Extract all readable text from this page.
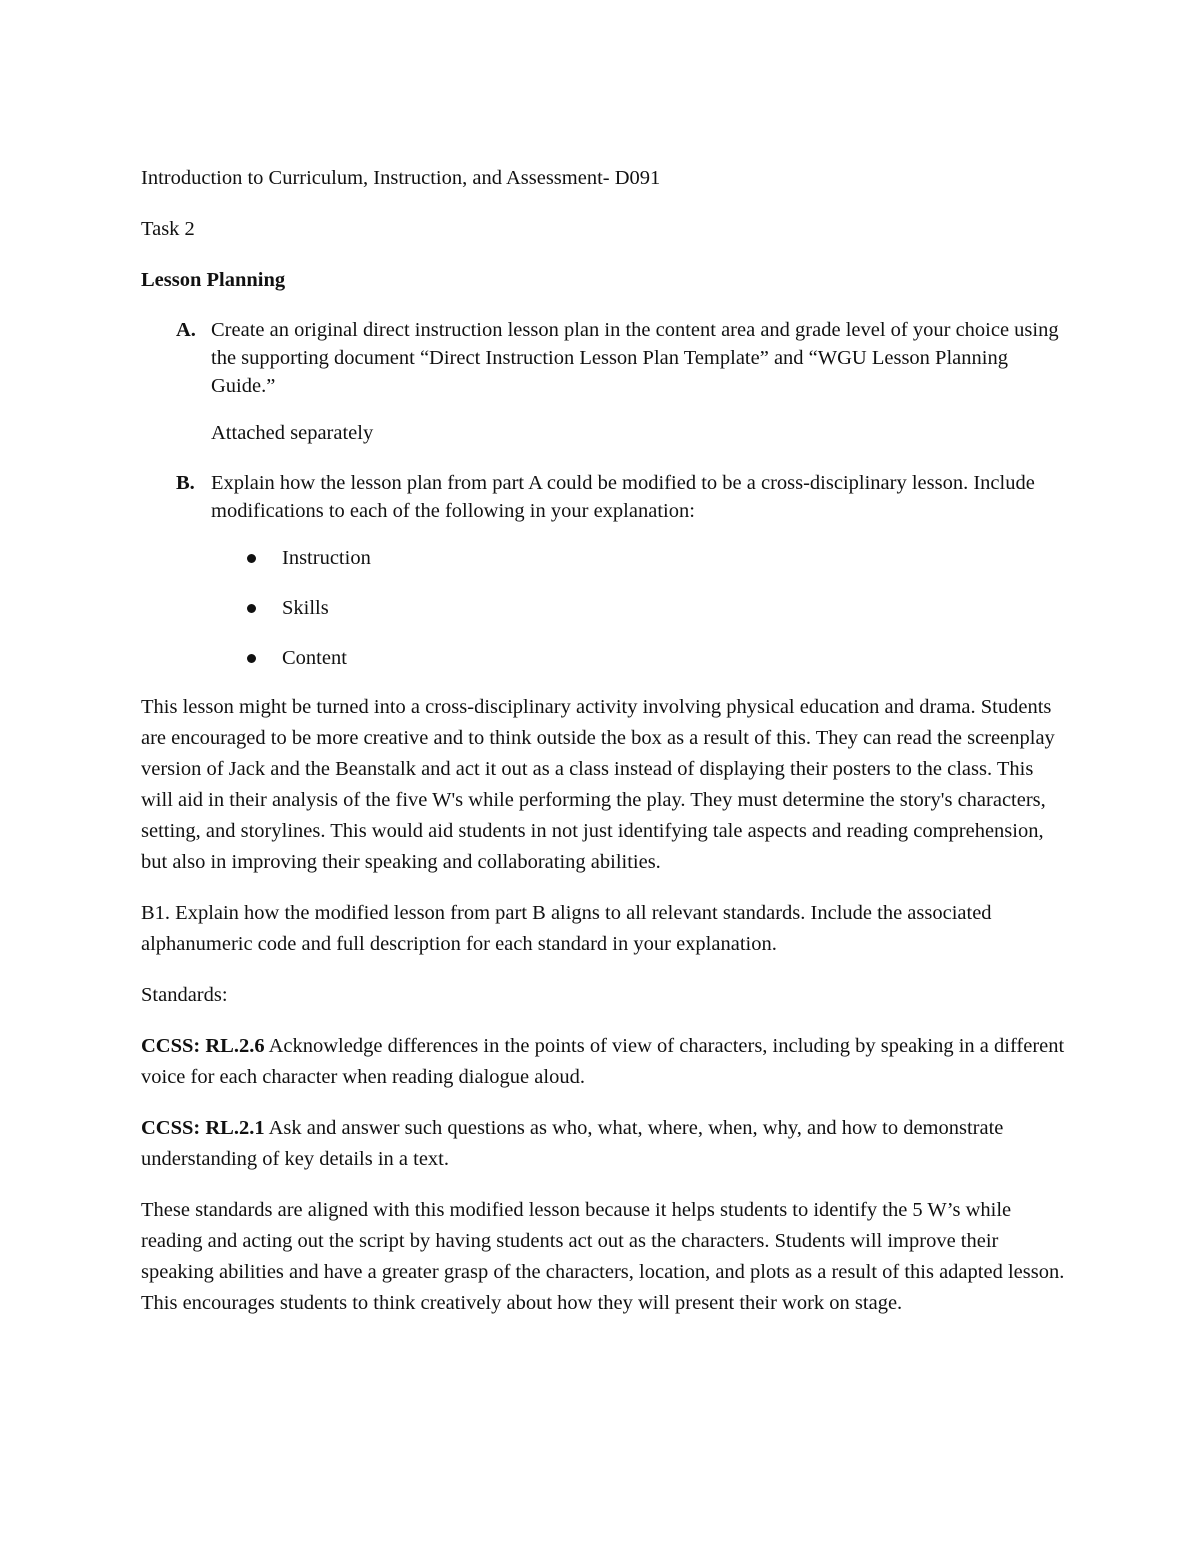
Introduction to Curriculum, Instruction, and Assessment- D091

Task 2

Lesson Planning

A. Create an original direct instruction lesson plan in the content area and grade level of your choice using the supporting document “Direct Instruction Lesson Plan Template” and “WGU Lesson Planning Guide.”

Attached separately

B. Explain how the lesson plan from part A could be modified to be a cross-disciplinary lesson. Include modifications to each of the following in your explanation:
Instruction
Skills
Content

This lesson might be turned into a cross-disciplinary activity involving physical education and drama. Students are encouraged to be more creative and to think outside the box as a result of this. They can read the screenplay version of Jack and the Beanstalk and act it out as a class instead of displaying their posters to the class. This will aid in their analysis of the five W's while performing the play. They must determine the story's characters, setting, and storylines. This would aid students in not just identifying tale aspects and reading comprehension, but also in improving their speaking and collaborating abilities.

B1. Explain how the modified lesson from part B aligns to all relevant standards. Include the associated alphanumeric code and full description for each standard in your explanation.

Standards:

CCSS: RL.2.6 Acknowledge differences in the points of view of characters, including by speaking in a different voice for each character when reading dialogue aloud.

CCSS: RL.2.1 Ask and answer such questions as who, what, where, when, why, and how to demonstrate understanding of key details in a text.

These standards are aligned with this modified lesson because it helps students to identify the 5 W’s while reading and acting out the script by having students act out as the characters. Students will improve their speaking abilities and have a greater grasp of the characters, location, and plots as a result of this adapted lesson. This encourages students to think creatively about how they will present their work on stage.
